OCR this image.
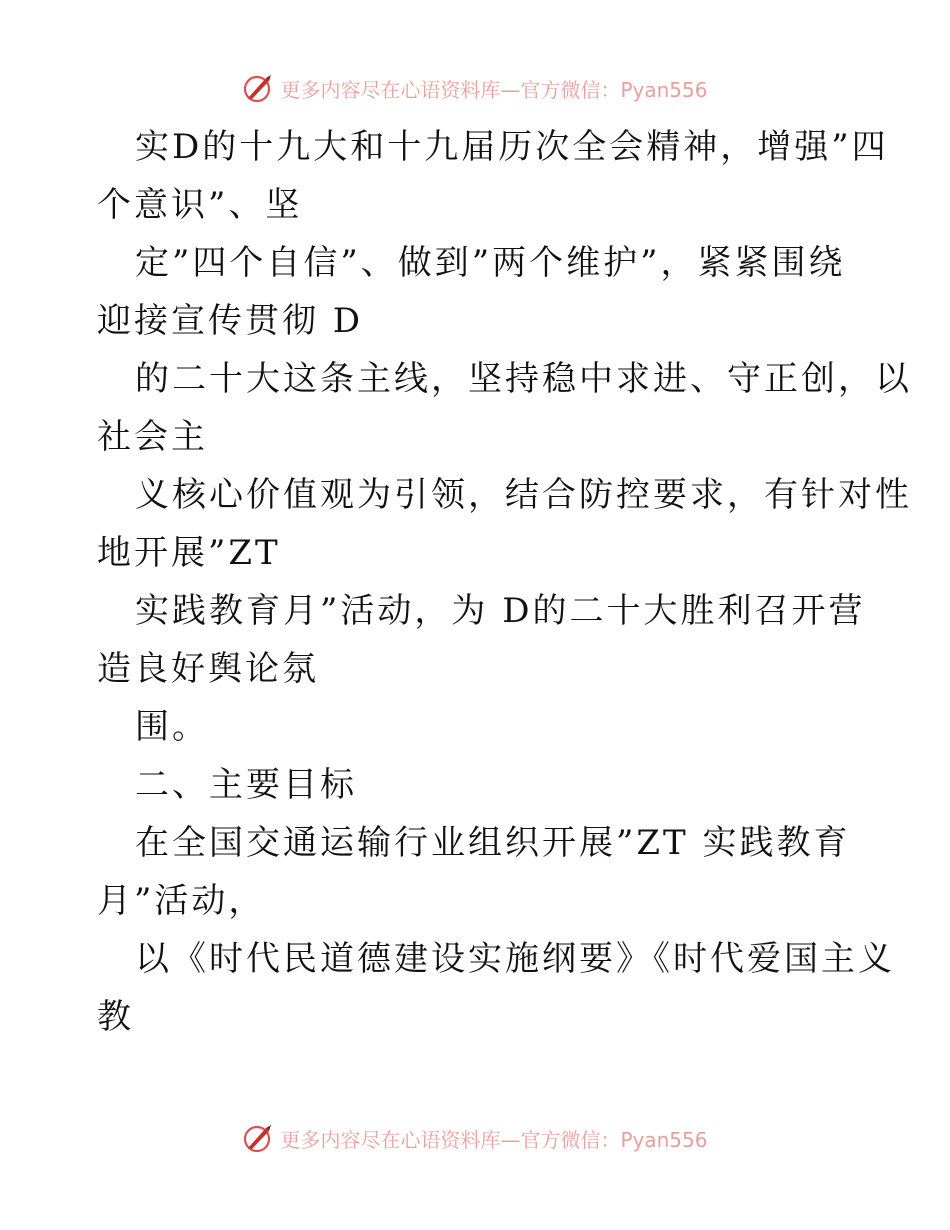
更多内容尽在心语资料库—官方微信：Pyan556
实D的十九大和十九届历次全会精神，增强”四
个意识”、坚
定”四个自信”、做到”两个维护”，紧紧围绕
迎接宣传贯彻 D
的二十大这条主线，坚持稳中求进、守正创，以
社会主
义核心价值观为引领，结合防控要求，有针对性
地开展”ZT
实践教育月”活动，为 D的二十大胜利召开营
造良好舆论氛
围。
二、主要目标
在全国交通运输行业组织开展”ZT 实践教育
月”活动，
以《时代民道德建设实施纲要》《时代爱国主义
教
更多内容尽在心语资料库—官方微信：Pyan556
